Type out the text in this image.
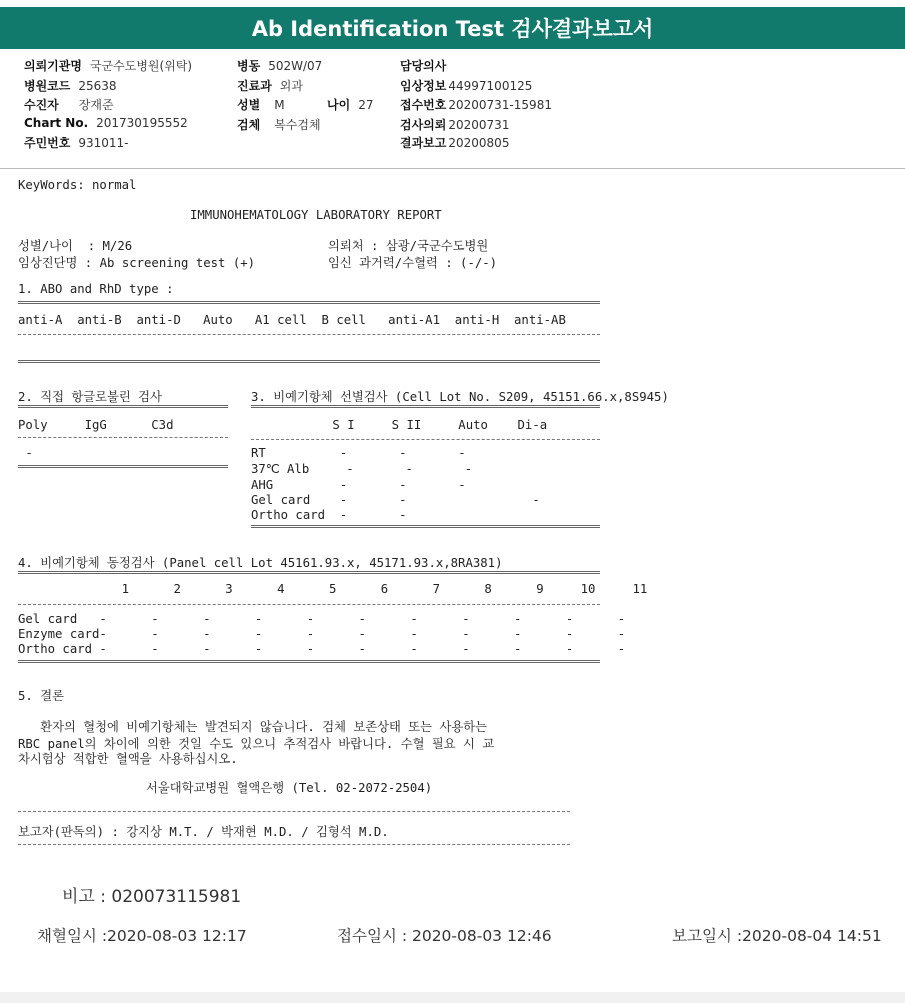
Ab Identification Test 검사결과보고서
의뢰기관명 국군수도병원(위탁)
병원코드 25638
수진자 장재준
Chart No. 201730195552
주민번호 931011-
병동 502W/07
진료과 외과
성별 M	나이 27
검체 복수검체
담당의사
임상정보 44997100125
접수번호 20200731-15981
검사의뢰 20200731
결과보고 20200805
KeyWords: normal
IMMUNOHEMATOLOGY LABORATORY REPORT
성별/나이  : M/26	의뢰처 : 삼광/국군수도병원
임상진단명 : Ab screening test (+)	임신 과거력/수혈력 : (-/-)
1. ABO and RhD type :
anti-A  anti-B  anti-D   Auto   A1 cell  B cell   anti-A1  anti-H  anti-AB
2. 직접 항글로불린 검사
Poly     IgG      C3d
-
3. 비예기항체 선별검사 (Cell Lot No. S209, 45151.66.x,8S945)
S I     S II     Auto    Di-a
RT          -       -       -
37℃ Alb     -       -       -
AHG         -       -       -
Gel card    -       -                 -
Ortho card  -       -
4. 비예기항체 동정검사 (Panel cell Lot 45161.93.x, 45171.93.x,8RA381)
1      2      3      4      5      6      7      8      9     10     11
Gel card   -      -      -      -      -      -      -      -      -      -      -
Enzyme card-      -      -      -      -      -      -      -      -      -      -
Ortho card -      -      -      -      -      -      -      -      -      -      -
5. 결론
환자의 혈청에 비예기항체는 발견되지 않습니다. 검체 보존상태 또는 사용하는
RBC panel의 차이에 의한 것일 수도 있으니 추적검사 바랍니다. 수혈 필요 시 교
차시험상 적합한 혈액을 사용하십시오.
서울대학교병원 혈액은행 (Tel. 02-2072-2504)
보고자(판독의) : 강지상 M.T. / 박재현 M.D. / 김형석 M.D.
비고 : 020073115981
채혈일시 :2020-08-03 12:17	접수일시 : 2020-08-03 12:46	보고일시 :2020-08-04 14:51
